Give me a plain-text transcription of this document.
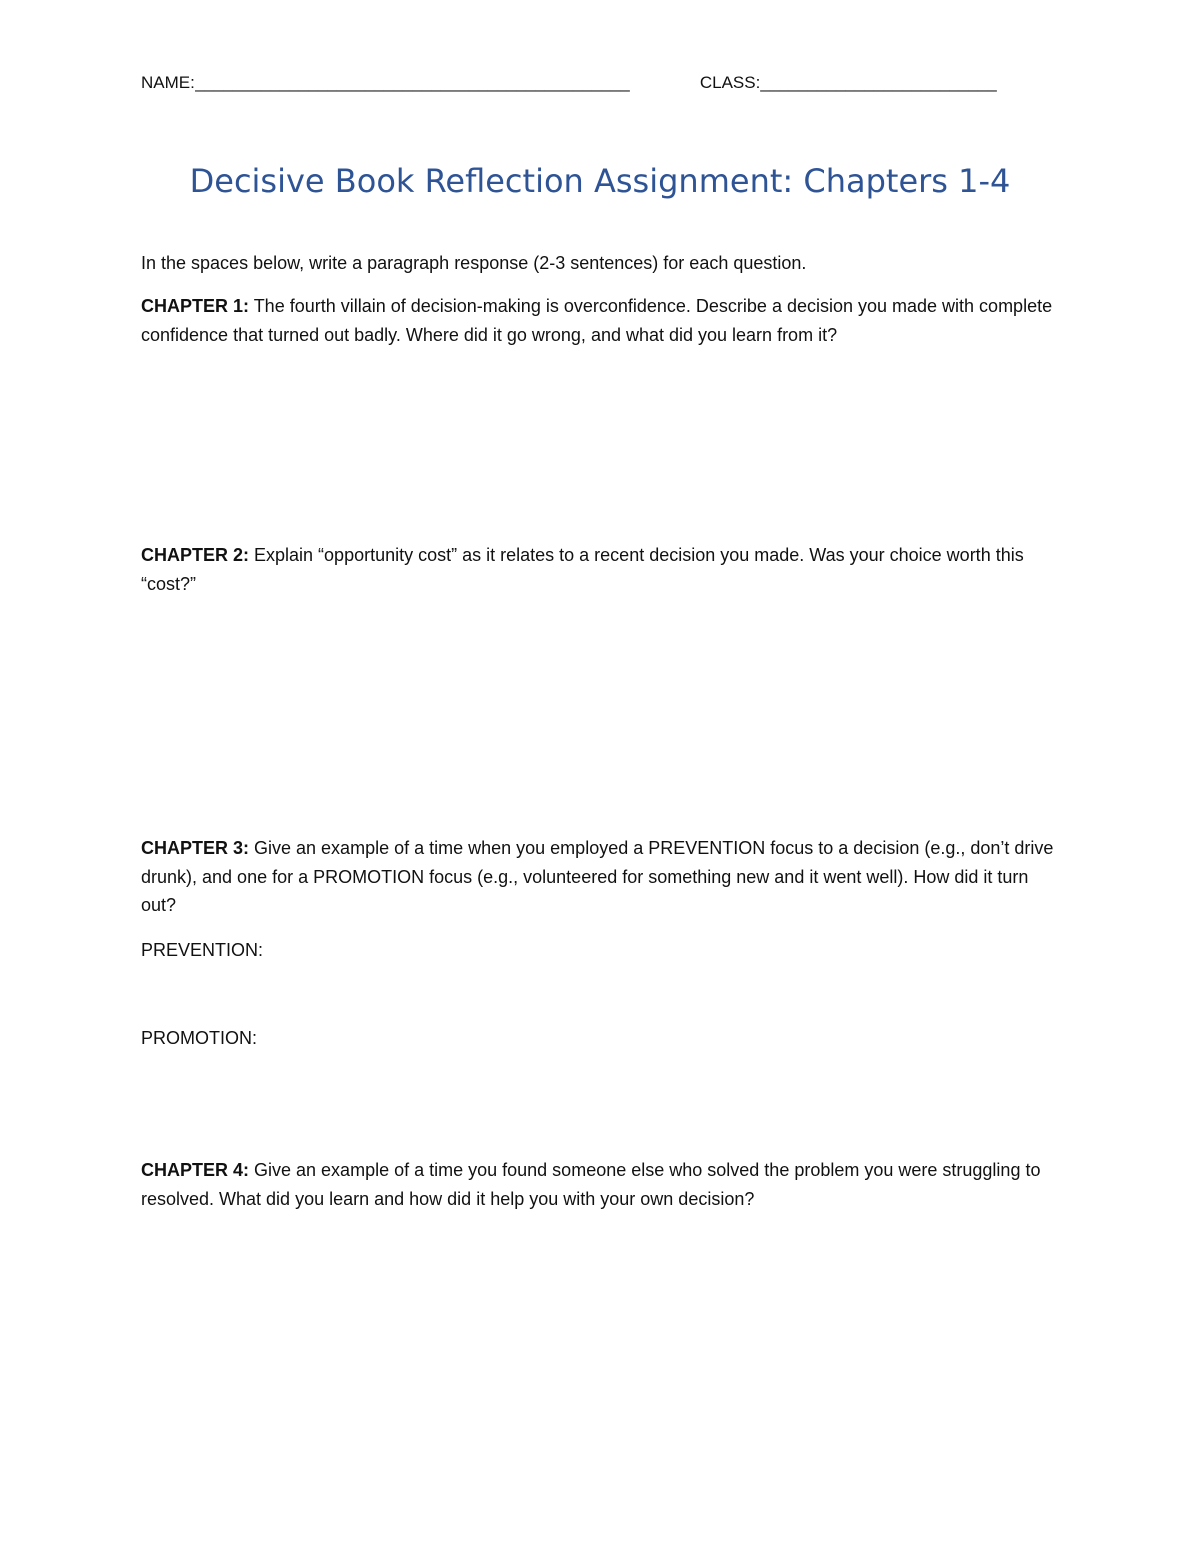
NAME: ______________________________________________	CLASS: _________________________
Decisive Book Reflection Assignment: Chapters 1-4
In the spaces below, write a paragraph response (2-3 sentences) for each question.
CHAPTER 1: The fourth villain of decision-making is overconfidence. Describe a decision you made with complete confidence that turned out badly. Where did it go wrong, and what did you learn from it?
CHAPTER 2: Explain “opportunity cost” as it relates to a recent decision you made. Was your choice worth this “cost?”
CHAPTER 3: Give an example of a time when you employed a PREVENTION focus to a decision (e.g., don’t drive drunk), and one for a PROMOTION focus (e.g., volunteered for something new and it went well). How did it turn out?
PREVENTION:
PROMOTION:
CHAPTER 4: Give an example of a time you found someone else who solved the problem you were struggling to resolved. What did you learn and how did it help you with your own decision?
